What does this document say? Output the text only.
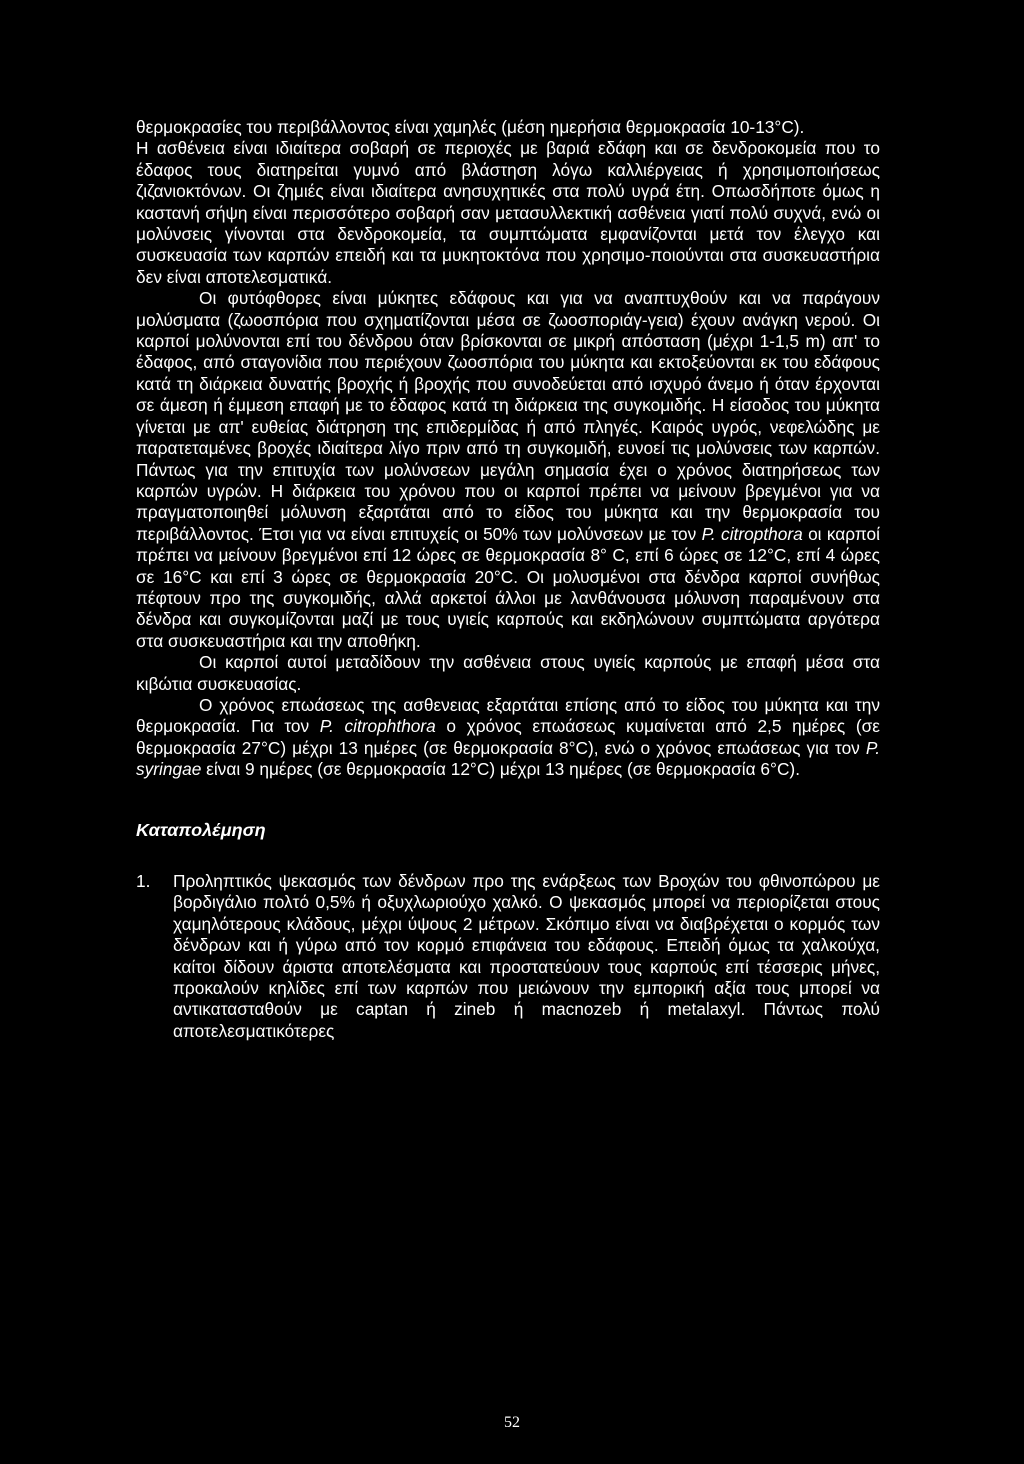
θερμοκρασίες του περιβάλλοντος είναι χαμηλές (μέση ημερήσια θερμοκρασία 10-13°C).

Η ασθένεια είναι ιδιαίτερα σοβαρή σε περιοχές με βαριά εδάφη και σε δενδροκομεία που το έδαφος τους διατηρείται γυμνό από βλάστηση λόγω καλλιέργειας ή χρησιμοποιήσεως ζιζανιοκτόνων. Οι ζημιές είναι ιδιαίτερα ανησυχητικές στα πολύ υγρά έτη. Οπωσδήποτε όμως η καστανή σήψη είναι περισσότερο σοβαρή σαν μετασυλλεκτική ασθένεια γιατί πολύ συχνά, ενώ οι μολύνσεις γίνονται στα δενδροκομεία, τα συμπτώματα εμφανίζονται μετά τον έλεγχο και συσκευασία των καρπών επειδή και τα μυκητοκτόνα που χρησιμο-ποιούνται στα συσκευαστήρια δεν είναι αποτελεσματικά.

Οι φυτόφθορες είναι μύκητες εδάφους και για να αναπτυχθούν και να παράγουν μολύσματα (ζωοσπόρια που σχηματίζονται μέσα σε ζωοσποριάγ-γεια) έχουν ανάγκη νερού. Οι καρποί μολύνονται επί του δένδρου όταν βρίσκονται σε μικρή απόσταση (μέχρι 1-1,5 m) απ' το έδαφος, από σταγονίδια που περιέχουν ζωοσπόρια του μύκητα και εκτοξεύονται εκ του εδάφους κατά τη διάρκεια δυνατής βροχής ή βροχής που συνοδεύεται από ισχυρό άνεμο ή όταν έρχονται σε άμεση ή έμμεση επαφή με το έδαφος κατά τη διάρκεια της συγκομιδής. Η είσοδος του μύκητα γίνεται με απ' ευθείας διάτρηση της επιδερμίδας ή από πληγές. Καιρός υγρός, νεφελώδης με παρατεταμένες βροχές ιδιαίτερα λίγο πριν από τη συγκομιδή, ευνοεί τις μολύνσεις των καρπών. Πάντως για την επιτυχία των μολύνσεων μεγάλη σημασία έχει ο χρόνος διατηρήσεως των καρπών υγρών. Η διάρκεια του χρόνου που οι καρποί πρέπει να μείνουν βρεγμένοι για να πραγματοποιηθεί μόλυνση εξαρτάται από το είδος του μύκητα και την θερμοκρασία του περιβάλλοντος. Έτσι για να είναι επιτυχείς οι 50% των μολύνσεων με τον P. citropthora οι καρποί πρέπει να μείνουν βρεγμένοι επί 12 ώρες σε θερμοκρασία 8° C, επί 6 ώρες σε 12°C, επί 4 ώρες σε 16°C και επί 3 ώρες σε θερμοκρασία 20°C. Οι μολυσμένοι στα δένδρα καρποί συνήθως πέφτουν προ της συγκομιδής, αλλά αρκετοί άλλοι με λανθάνουσα μόλυνση παραμένουν στα δένδρα και συγκομίζονται μαζί με τους υγιείς καρπούς και εκδηλώνουν συμπτώματα αργότερα στα συσκευαστήρια και την αποθήκη.

Οι καρποί αυτοί μεταδίδουν την ασθένεια στους υγιείς καρπούς με επαφή μέσα στα κιβώτια συσκευασίας.

Ο χρόνος επωάσεως της ασθενειας εξαρτάται επίσης από το είδος του μύκητα και την θερμοκρασία. Για τον P. citrophthora ο χρόνος επωάσεως κυμαίνεται από 2,5 ημέρες (σε θερμοκρασία 27°C) μέχρι 13 ημέρες (σε θερμοκρασία 8°C), ενώ ο χρόνος επωάσεως για τον P. syringae είναι 9 ημέρες (σε θερμοκρασία 12°C) μέχρι 13 ημέρες (σε θερμοκρασία 6°C).

Καταπολέμηση

1.	Προληπτικός ψεκασμός των δένδρων προ της ενάρξεως των Βροχών του φθινοπώρου με βορδιγάλιο πολτό 0,5% ή οξυχλωριούχο χαλκό. Ο ψεκασμός μπορεί να περιορίζεται στους χαμηλότερους κλάδους, μέχρι ύψους 2 μέτρων. Σκόπιμο είναι να διαβρέχεται ο κορμός των δένδρων και ή γύρω από τον κορμό επιφάνεια του εδάφους. Επειδή όμως τα χαλκούχα, καίτοι δίδουν άριστα αποτελέσματα και προστατεύουν τους καρπούς επί τέσσερις μήνες, προκαλούν κηλίδες επί των καρπών που μειώνουν την εμπορική αξία τους μπορεί να αντικατασταθούν με captan ή zineb ή macnozeb ή metalaxyl. Πάντως πολύ αποτελεσματικότερες
52
